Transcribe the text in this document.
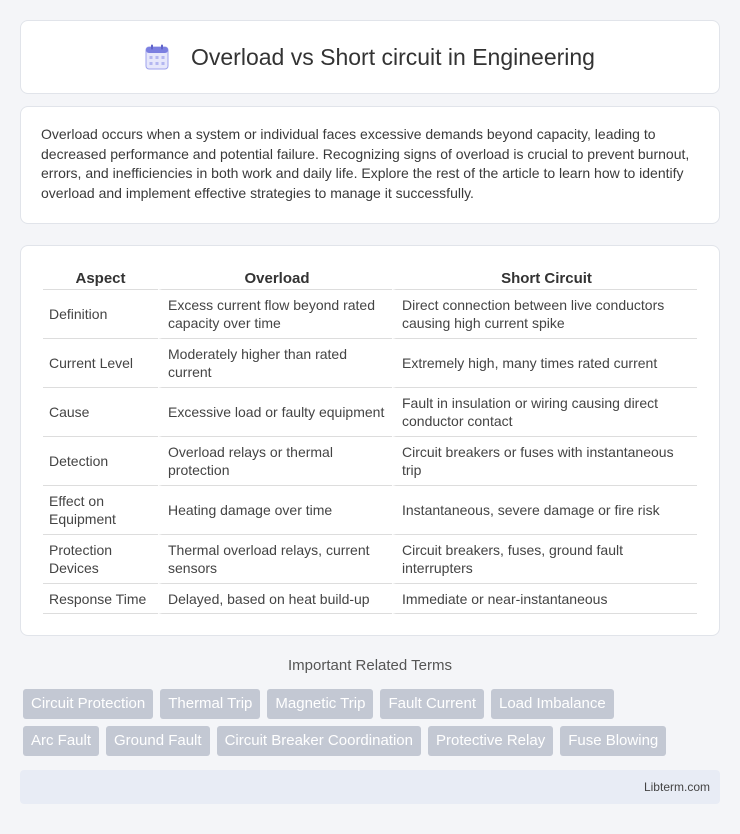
Overload vs Short circuit in Engineering

Overload occurs when a system or individual faces excessive demands beyond capacity, leading to decreased performance and potential failure. Recognizing signs of overload is crucial to prevent burnout, errors, and inefficiencies in both work and daily life. Explore the rest of the article to learn how to identify overload and implement effective strategies to manage it successfully.

Aspect	Overload	Short Circuit
Definition	Excess current flow beyond rated capacity over time	Direct connection between live conductors causing high current spike
Current Level	Moderately higher than rated current	Extremely high, many times rated current
Cause	Excessive load or faulty equipment	Fault in insulation or wiring causing direct conductor contact
Detection	Overload relays or thermal protection	Circuit breakers or fuses with instantaneous trip
Effect on Equipment	Heating damage over time	Instantaneous, severe damage or fire risk
Protection Devices	Thermal overload relays, current sensors	Circuit breakers, fuses, ground fault interrupters
Response Time	Delayed, based on heat build-up	Immediate or near-instantaneous
Important Related Terms
Circuit Protection	Thermal Trip	Magnetic Trip	Fault Current	Load Imbalance
Arc Fault	Ground Fault	Circuit Breaker Coordination	Protective Relay	Fuse Blowing
Libterm.com
